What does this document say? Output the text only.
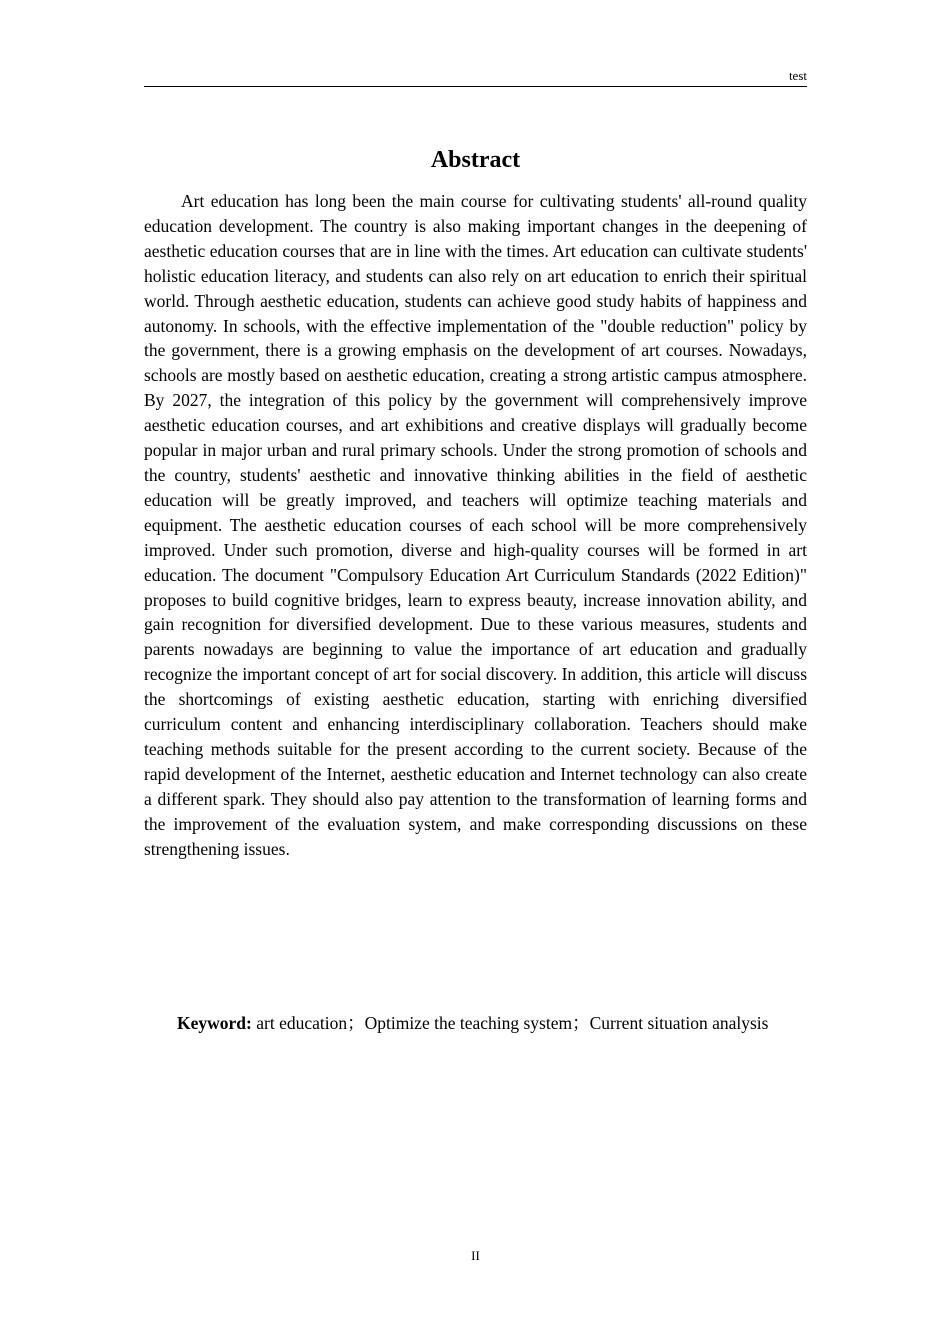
test
Abstract

Art education has long been the main course for cultivating students' all-round quality education development. The country is also making important changes in the deepening of aesthetic education courses that are in line with the times. Art education can cultivate students' holistic education literacy, and students can also rely on art education to enrich their spiritual world. Through aesthetic education, students can achieve good study habits of happiness and autonomy. In schools, with the effective implementation of the "double reduction" policy by the government, there is a growing emphasis on the development of art courses. Nowadays, schools are mostly based on aesthetic education, creating a strong artistic campus atmosphere. By 2027, the integration of this policy by the government will comprehensively improve aesthetic education courses, and art exhibitions and creative displays will gradually become popular in major urban and rural primary schools. Under the strong promotion of schools and the country, students' aesthetic and innovative thinking abilities in the field of aesthetic education will be greatly improved, and teachers will optimize teaching materials and equipment. The aesthetic education courses of each school will be more comprehensively improved. Under such promotion, diverse and high-quality courses will be formed in art education. The document "Compulsory Education Art Curriculum Standards (2022 Edition)" proposes to build cognitive bridges, learn to express beauty, increase innovation ability, and gain recognition for diversified development. Due to these various measures, students and parents nowadays are beginning to value the importance of art education and gradually recognize the important concept of art for social discovery. In addition, this article will discuss the shortcomings of existing aesthetic education, starting with enriching diversified curriculum content and enhancing interdisciplinary collaboration. Teachers should make teaching methods suitable for the present according to the current society. Because of the rapid development of the Internet, aesthetic education and Internet technology can also create a different spark. They should also pay attention to the transformation of learning forms and the improvement of the evaluation system, and make corresponding discussions on these strengthening issues.

Keyword: art education；Optimize the teaching system；Current situation analysis

II
